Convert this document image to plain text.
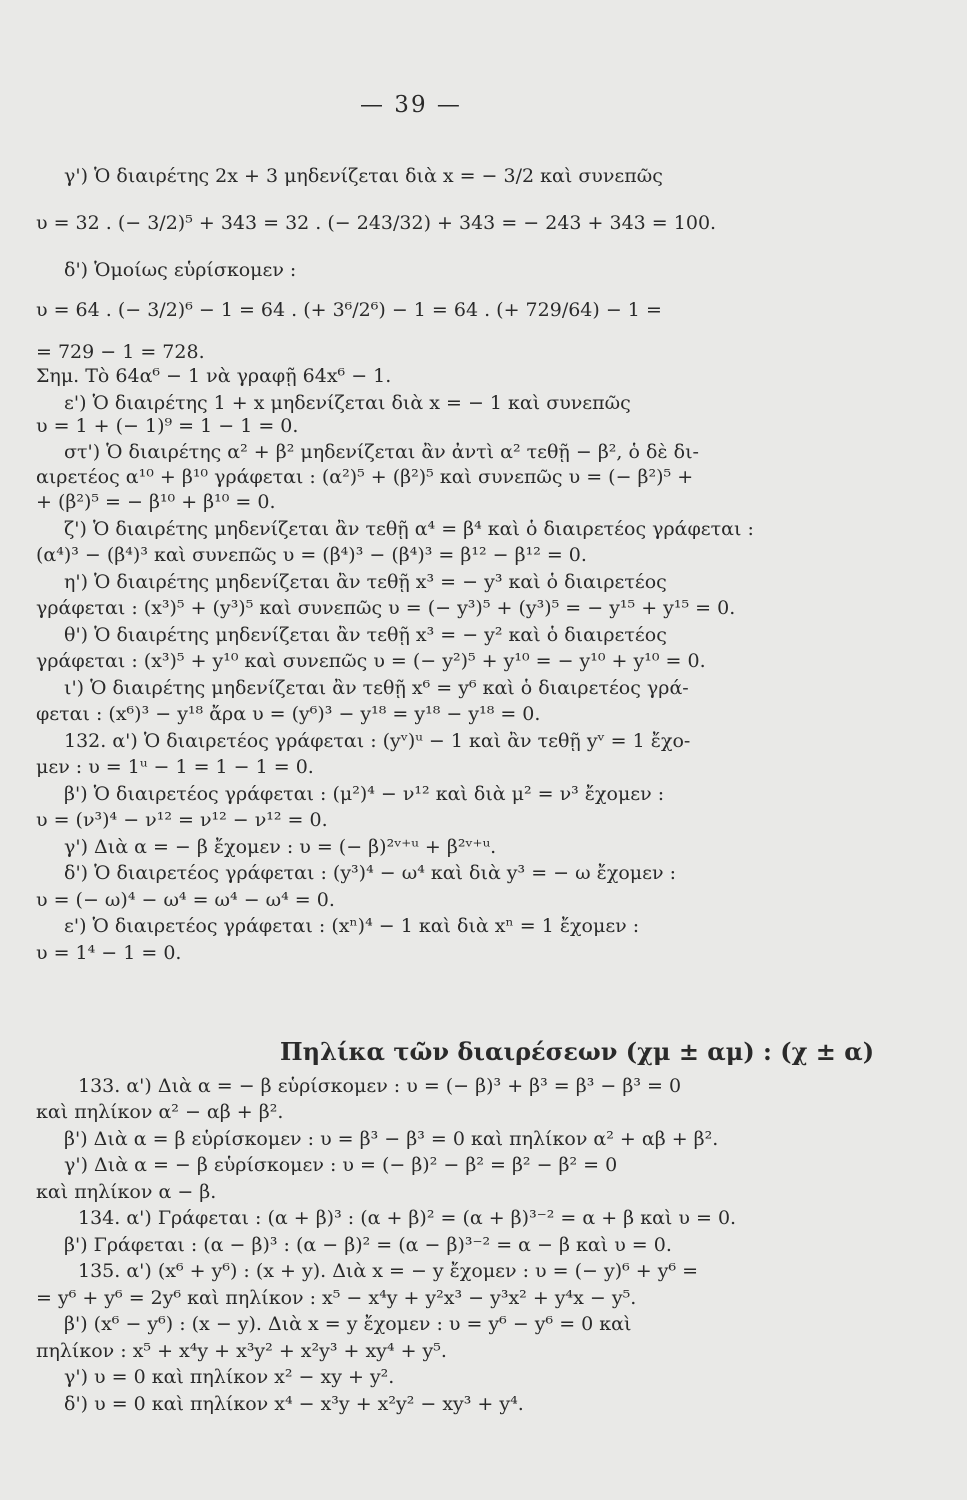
— 39 —
γ') Ὁ διαιρέτης 2x + 3 μηδενίζεται διὰ x = − 3/2 καὶ συνεπῶς
υ = 32 . (− 3/2)⁵ + 343 = 32 . (− 243/32) + 343 = − 243 + 343 = 100.
δ') Ὁμοίως εὑρίσκομεν :
υ = 64 . (− 3/2)⁶ − 1 = 64 . (+ 3⁶/2⁶) − 1 = 64 . (+ 729/64) − 1 =
= 729 − 1 = 728.
Σημ. Τὸ 64α⁶ − 1 νὰ γραφῇ 64x⁶ − 1.
ε') Ὁ διαιρέτης 1 + x μηδενίζεται διὰ x = − 1 καὶ συνεπῶς
υ = 1 + (− 1)⁹ = 1 − 1 = 0.
στ') Ὁ διαιρέτης α² + β² μηδενίζεται ἂν ἀντὶ α² τεθῇ − β², ὁ δὲ δι-
αιρετέος α¹⁰ + β¹⁰ γράφεται : (α²)⁵ + (β²)⁵ καὶ συνεπῶς υ = (− β²)⁵ +
+ (β²)⁵ = − β¹⁰ + β¹⁰ = 0.
ζ') Ὁ διαιρέτης μηδενίζεται ἂν τεθῇ α⁴ = β⁴ καὶ ὁ διαιρετέος γράφεται :
(α⁴)³ − (β⁴)³ καὶ συνεπῶς υ = (β⁴)³ − (β⁴)³ = β¹² − β¹² = 0.
η') Ὁ διαιρέτης μηδενίζεται ἂν τεθῇ x³ = − y³ καὶ ὁ διαιρετέος
γράφεται : (x³)⁵ + (y³)⁵ καὶ συνεπῶς υ = (− y³)⁵ + (y³)⁵ = − y¹⁵ + y¹⁵ = 0.
θ') Ὁ διαιρέτης μηδενίζεται ἂν τεθῇ x³ = − y² καὶ ὁ διαιρετέος
γράφεται : (x³)⁵ + y¹⁰ καὶ συνεπῶς υ = (− y²)⁵ + y¹⁰ = − y¹⁰ + y¹⁰ = 0.
ι') Ὁ διαιρέτης μηδενίζεται ἂν τεθῇ x⁶ = y⁶ καὶ ὁ διαιρετέος γρά-
φεται : (x⁶)³ − y¹⁸ ἄρα υ = (y⁶)³ − y¹⁸ = y¹⁸ − y¹⁸ = 0.
132. α') Ὁ διαιρετέος γράφεται : (yᵛ)ᵘ − 1 καὶ ἂν τεθῇ yᵛ = 1 ἔχο-
μεν : υ = 1ᵘ − 1 = 1 − 1 = 0.
β') Ὁ διαιρετέος γράφεται : (μ²)⁴ − ν¹² καὶ διὰ μ² = ν³ ἔχομεν :
υ = (ν³)⁴ − ν¹² = ν¹² − ν¹² = 0.
γ') Διὰ α = − β ἔχομεν : υ = (− β)²ᵛ⁺ᵘ + β²ᵛ⁺ᵘ.
δ') Ὁ διαιρετέος γράφεται : (y³)⁴ − ω⁴ καὶ διὰ y³ = − ω ἔχομεν :
υ = (− ω)⁴ − ω⁴ = ω⁴ − ω⁴ = 0.
ε') Ὁ διαιρετέος γράφεται : (xⁿ)⁴ − 1 καὶ διὰ xⁿ = 1 ἔχομεν :
υ = 1⁴ − 1 = 0.
Πηλίκα τῶν διαιρέσεων (χμ ± αμ) : (χ ± α)
133. α') Διὰ α = − β εὑρίσκομεν : υ = (− β)³ + β³ = β³ − β³ = 0
καὶ πηλίκον α² − αβ + β².
β') Διὰ α = β εὑρίσκομεν : υ = β³ − β³ = 0 καὶ πηλίκον α² + αβ + β².
γ') Διὰ α = − β εὑρίσκομεν : υ = (− β)² − β² = β² − β² = 0
καὶ πηλίκον α − β.
134. α') Γράφεται : (α + β)³ : (α + β)² = (α + β)³⁻² = α + β καὶ υ = 0.
β') Γράφεται : (α − β)³ : (α − β)² = (α − β)³⁻² = α − β καὶ υ = 0.
135. α') (x⁶ + y⁶) : (x + y). Διὰ x = − y ἔχομεν : υ = (− y)⁶ + y⁶ =
= y⁶ + y⁶ = 2y⁶ καὶ πηλίκον : x⁵ − x⁴y + y²x³ − y³x² + y⁴x − y⁵.
β') (x⁶ − y⁶) : (x − y). Διὰ x = y ἔχομεν : υ = y⁶ − y⁶ = 0 καὶ
πηλίκον : x⁵ + x⁴y + x³y² + x²y³ + xy⁴ + y⁵.
γ') υ = 0 καὶ πηλίκον x² − xy + y².
δ') υ = 0 καὶ πηλίκον x⁴ − x³y + x²y² − xy³ + y⁴.
